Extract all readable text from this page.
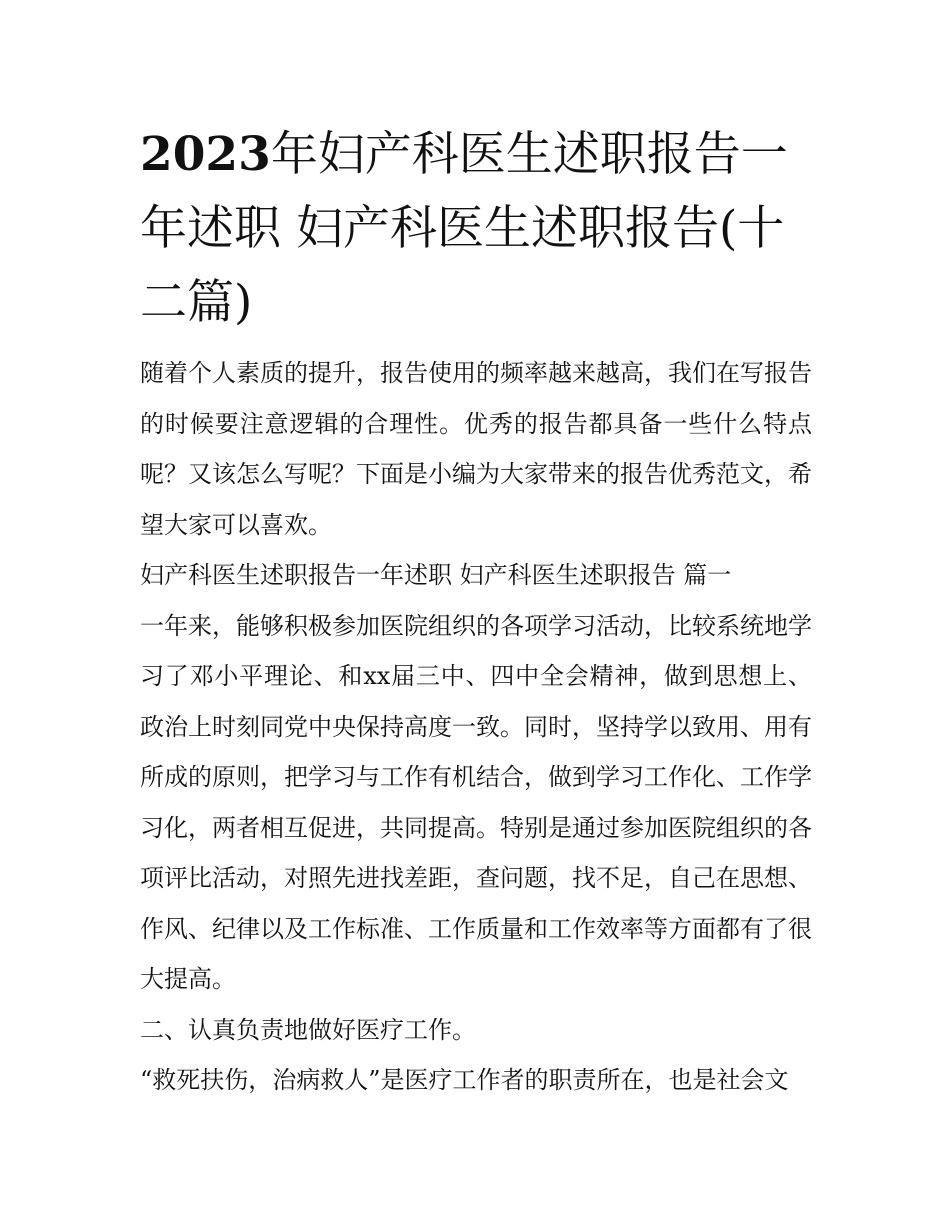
2023年妇产科医生述职报告一年述职 妇产科医生述职报告(十二篇)

随着个人素质的提升，报告使用的频率越来越高，我们在写报告的时候要注意逻辑的合理性。优秀的报告都具备一些什么特点呢？又该怎么写呢？下面是小编为大家带来的报告优秀范文，希望大家可以喜欢。

妇产科医生述职报告一年述职 妇产科医生述职报告 篇一

一年来，能够积极参加医院组织的各项学习活动，比较系统地学习了邓小平理论、和xx届三中、四中全会精神，做到思想上、政治上时刻同党中央保持高度一致。同时，坚持学以致用、用有所成的原则，把学习与工作有机结合，做到学习工作化、工作学习化，两者相互促进，共同提高。特别是通过参加医院组织的各项评比活动，对照先进找差距，查问题，找不足，自己在思想、作风、纪律以及工作标准、工作质量和工作效率等方面都有了很大提高。

二、认真负责地做好医疗工作。

“救死扶伤，治病救人”是医疗工作者的职责所在，也是社会文
